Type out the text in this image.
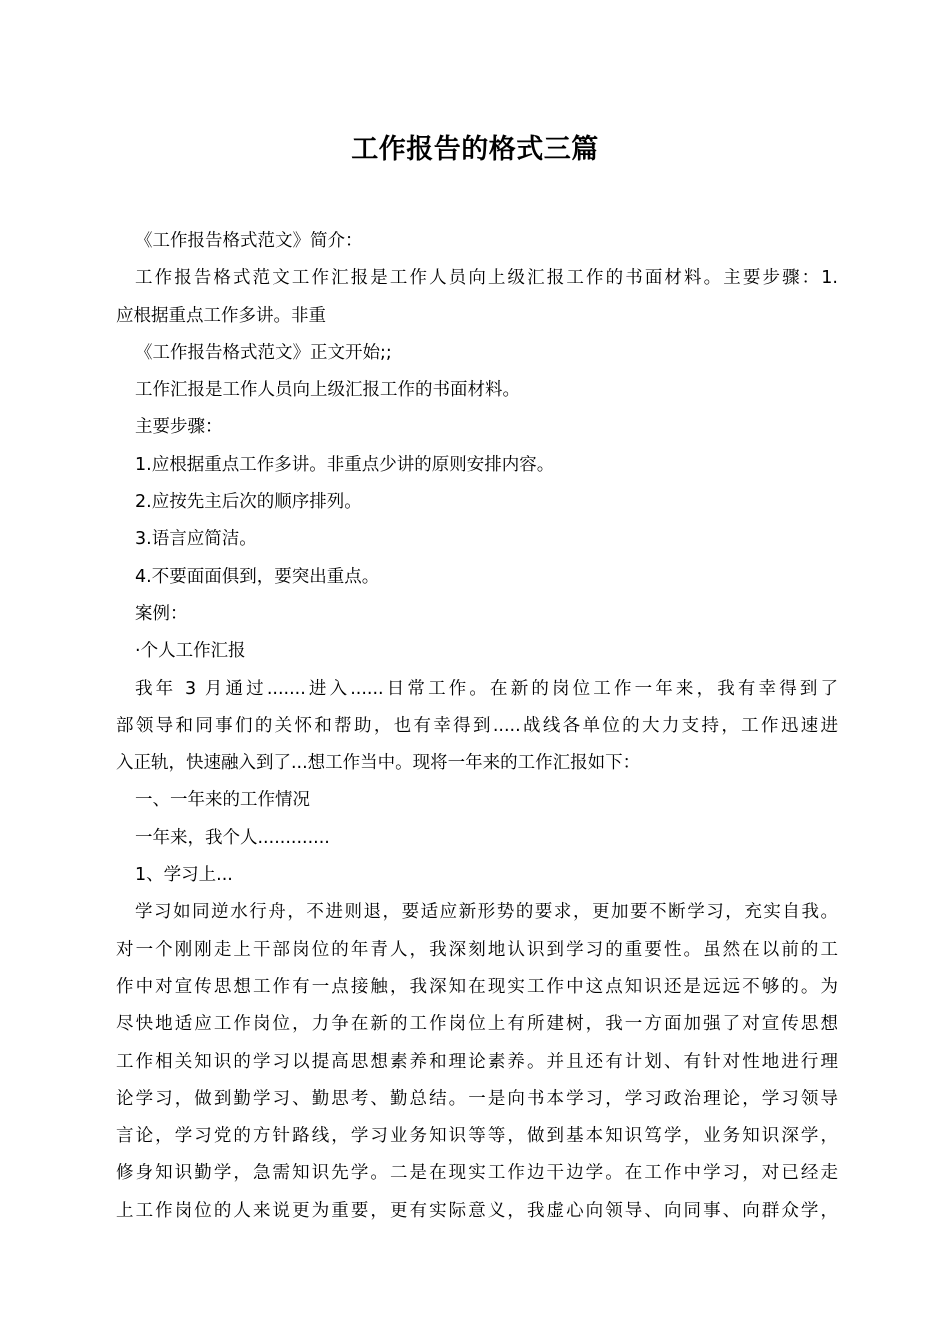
工作报告的格式三篇
《工作报告格式范文》简介：
工作报告格式范文工作汇报是工作人员向上级汇报工作的书面材料。主要步骤：1.
应根据重点工作多讲。非重
《工作报告格式范文》正文开始;;
工作汇报是工作人员向上级汇报工作的书面材料。
主要步骤：
1.应根据重点工作多讲。非重点少讲的原则安排内容。
2.应按先主后次的顺序排列。
3.语言应简洁。
4.不要面面俱到，要突出重点。
案例：
·个人工作汇报
我年 3 月通过.......进入......日常工作。在新的岗位工作一年来，我有幸得到了
部领导和同事们的关怀和帮助，也有幸得到.....战线各单位的大力支持，工作迅速进
入正轨，快速融入到了...想工作当中。现将一年来的工作汇报如下：
一、一年来的工作情况
一年来，我个人.............
1、学习上...
学习如同逆水行舟，不进则退，要适应新形势的要求，更加要不断学习，充实自我。
对一个刚刚走上干部岗位的年青人，我深刻地认识到学习的重要性。虽然在以前的工
作中对宣传思想工作有一点接触，我深知在现实工作中这点知识还是远远不够的。为
尽快地适应工作岗位，力争在新的工作岗位上有所建树，我一方面加强了对宣传思想
工作相关知识的学习以提高思想素养和理论素养。并且还有计划、有针对性地进行理
论学习，做到勤学习、勤思考、勤总结。一是向书本学习，学习政治理论，学习领导
言论，学习党的方针路线，学习业务知识等等，做到基本知识笃学，业务知识深学，
修身知识勤学，急需知识先学。二是在现实工作边干边学。在工作中学习，对已经走
上工作岗位的人来说更为重要，更有实际意义，我虚心向领导、向同事、向群众学，
